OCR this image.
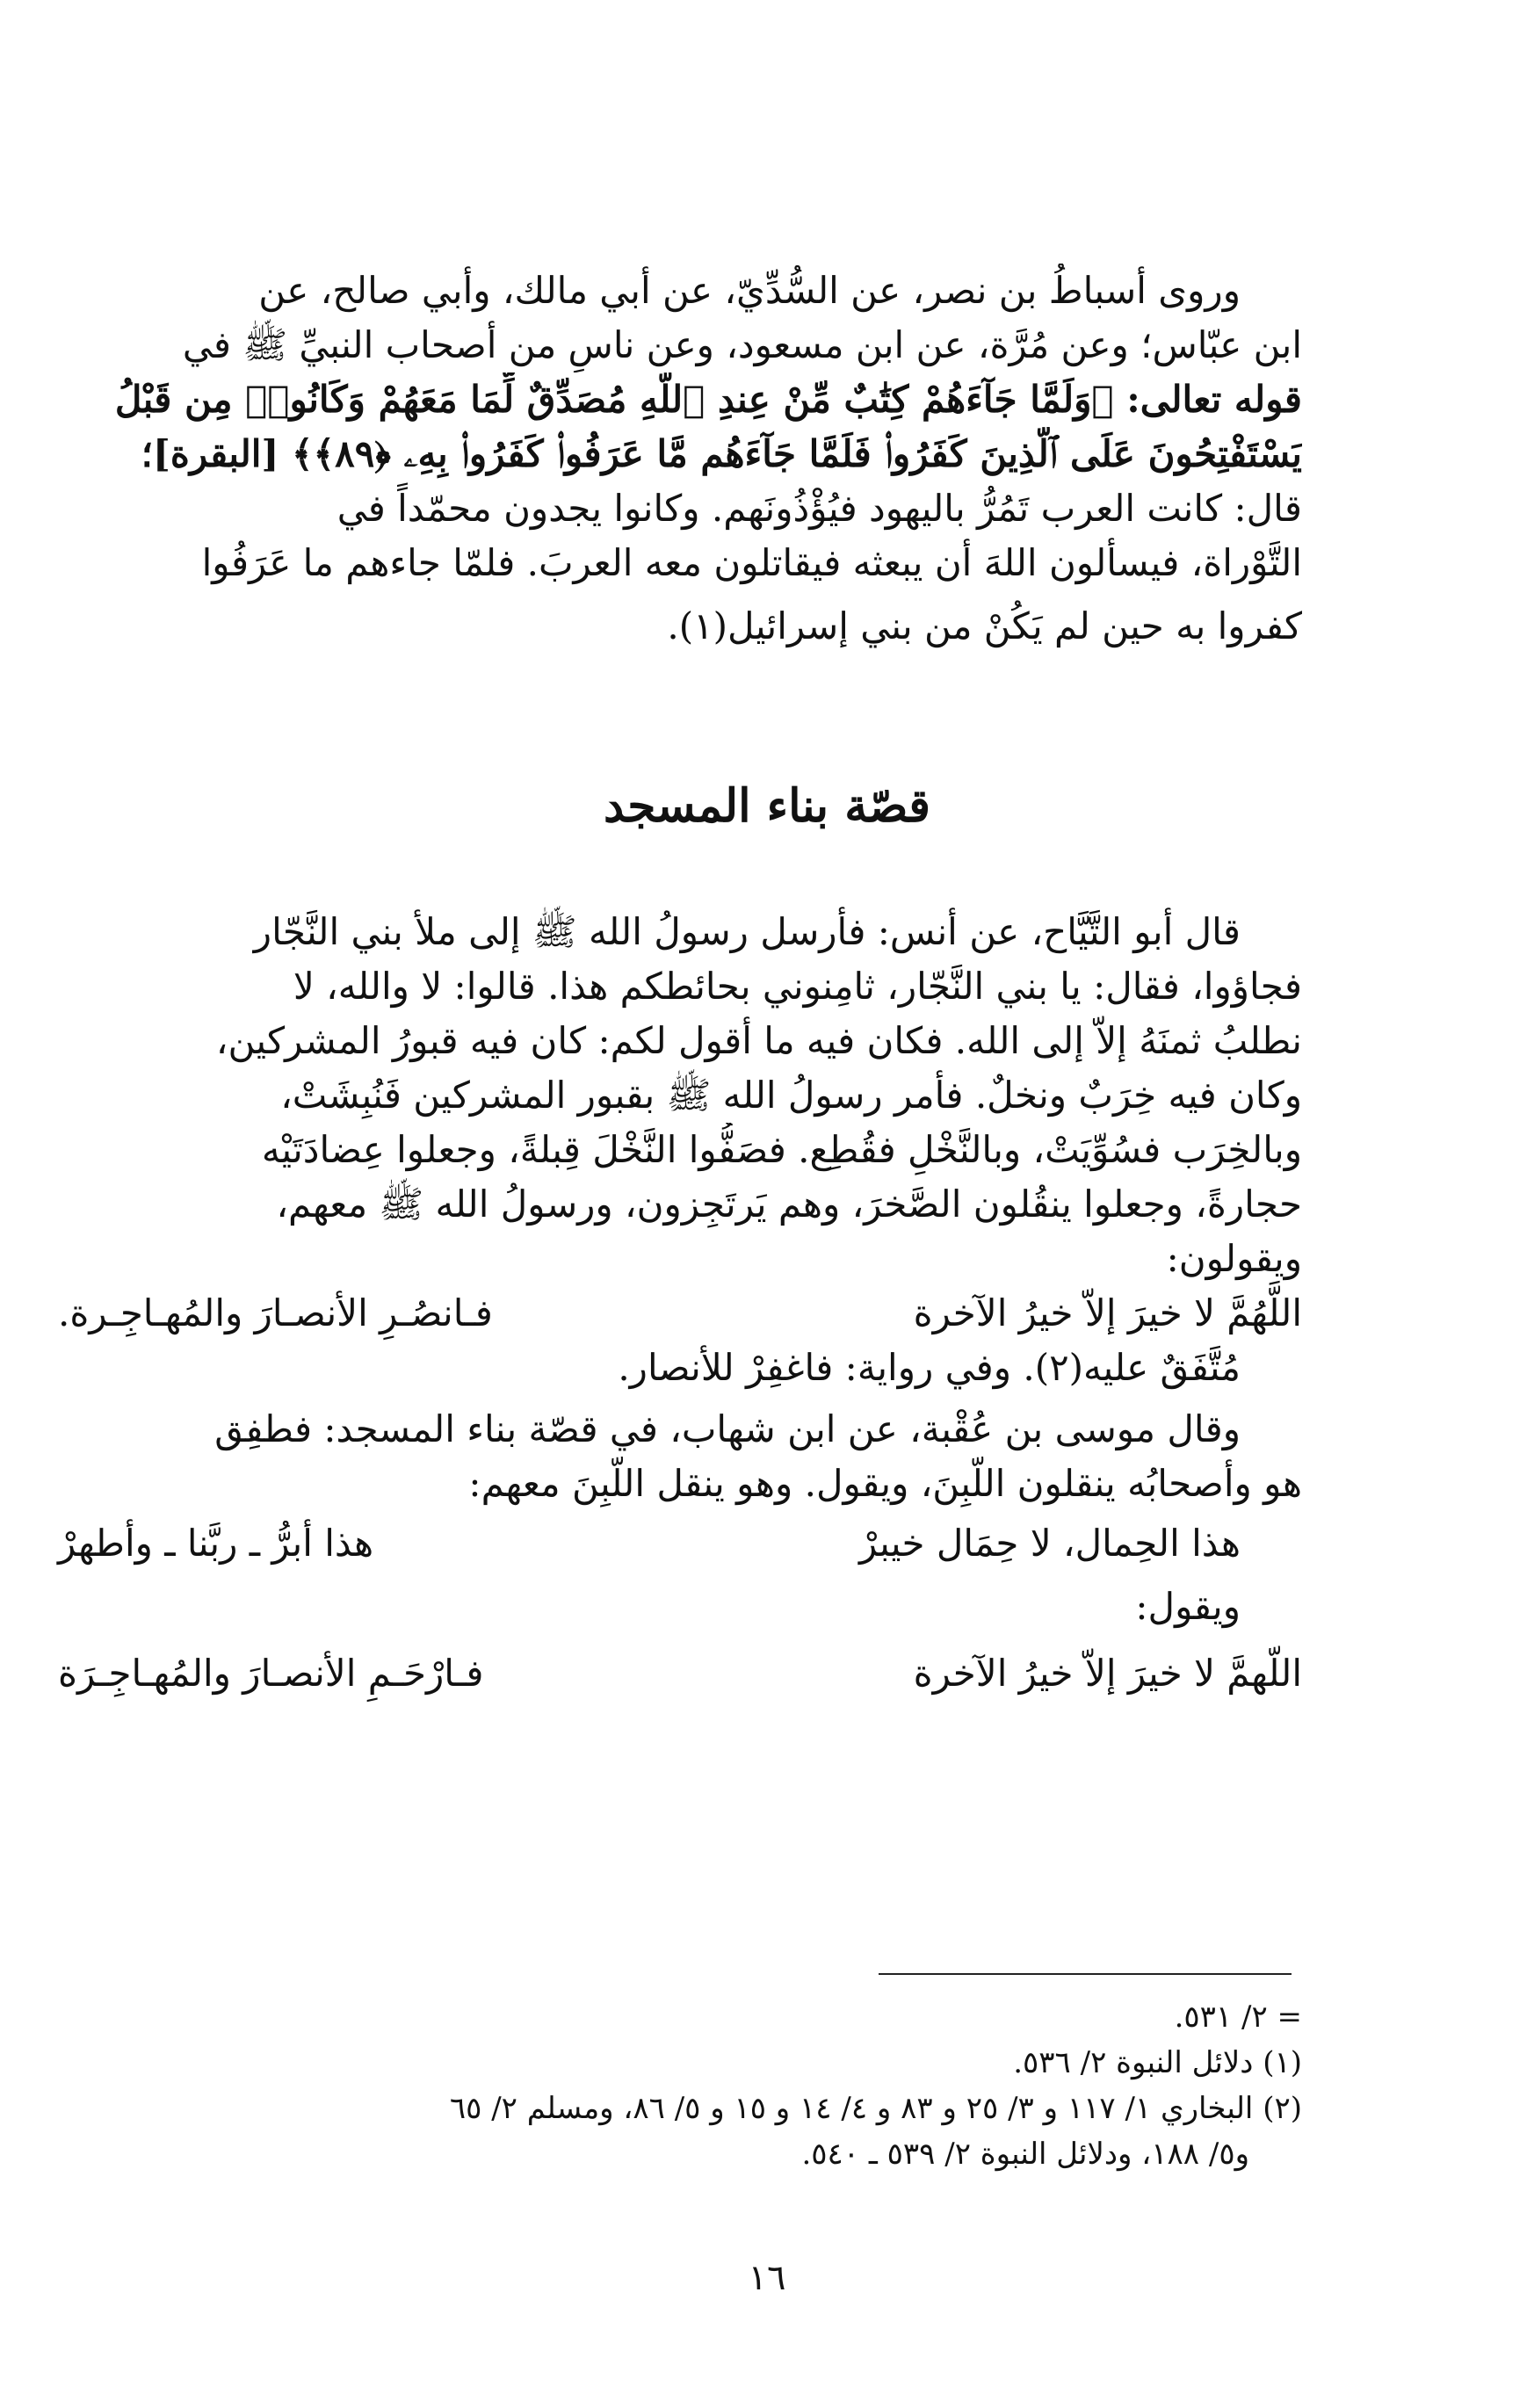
وروى أسباطُ بن نصر، عن السُّدِّيّ، عن أبي مالك، وأبي صالح، عن
ابن عبّاس؛ وعن مُرَّة، عن ابن مسعود، وعن ناسٍ من أصحاب النبيِّ ﷺ في
قوله تعالى: ﴿وَلَمَّا جَآءَهُمْ كِتَٰبٌ مِّنْ عِندِ ٱللَّهِ مُصَدِّقٌ لِّمَا مَعَهُمْ وَكَانُوا۟ مِن قَبْلُ
يَسْتَفْتِحُونَ عَلَى ٱلَّذِينَ كَفَرُوا۟ فَلَمَّا جَآءَهُم مَّا عَرَفُوا۟ كَفَرُوا۟ بِهِۦ ﴿٨٩﴾﴾ [البقرة]؛
قال: كانت العرب تَمُرُّ باليهود فيُؤْذُونَهم. وكانوا يجدون محمّداً في
التَّوْراة، فيسألون اللهَ أن يبعثه فيقاتلون معه العربَ. فلمّا جاءهم ما عَرَفُوا
كفروا به حين لم يَكُنْ من بني إسرائيل(١).
قصّة بناء المسجد
قال أبو التَّيَّاح، عن أنس: فأرسل رسولُ الله ﷺ إلى ملأ بني النَّجّار
فجاؤوا، فقال: يا بني النَّجّار، ثامِنوني بحائطكم هذا. قالوا: لا والله، لا
نطلبُ ثمنَهُ إلاّ إلى الله. فكان فيه ما أقول لكم: كان فيه قبورُ المشركين،
وكان فيه خِرَبٌ ونخلٌ. فأمر رسولُ الله ﷺ بقبور المشركين فَنُبِشَتْ،
وبالخِرَب فسُوِّيَتْ، وبالنَّخْلِ فقُطِع. فصَفُّوا النَّخْلَ قِبلةً، وجعلوا عِضادَتَيْه
حجارةً، وجعلوا ينقُلون الصَّخرَ، وهم يَرتَجِزون، ورسولُ الله ﷺ معهم،
ويقولون:
اللَّهُمَّ لا خيرَ إلاّ خيرُ الآخرة
فـانصُـرِ الأنصـارَ والمُهـاجِـرة.
مُتَّفَقٌ عليه(٢). وفي رواية: فاغفِرْ للأنصار.
وقال موسى بن عُقْبة، عن ابن شهاب، في قصّة بناء المسجد: فطفِق
هو وأصحابُه ينقلون اللَّبِنَ، ويقول. وهو ينقل اللَّبِنَ معهم:
هذا الحِمال، لا حِمَال خيبرْ
هذا أبرُّ ـ ربَّنا ـ وأطهرْ
ويقول:
اللّهمَّ لا خيرَ إلاّ خيرُ الآخرة
فـارْحَـمِ الأنصـارَ والمُهـاجِـرَة
= ٢/ ٥٣١.
(١) دلائل النبوة ٢/ ٥٣٦.
(٢) البخاري ١/ ١١٧ و ٣/ ٢٥ و ٨٣ و ٤/ ١٤ و ١٥ و ٥/ ٨٦، ومسلم ٢/ ٦٥
و٥/ ١٨٨، ودلائل النبوة ٢/ ٥٣٩ ـ ٥٤٠.
١٦
